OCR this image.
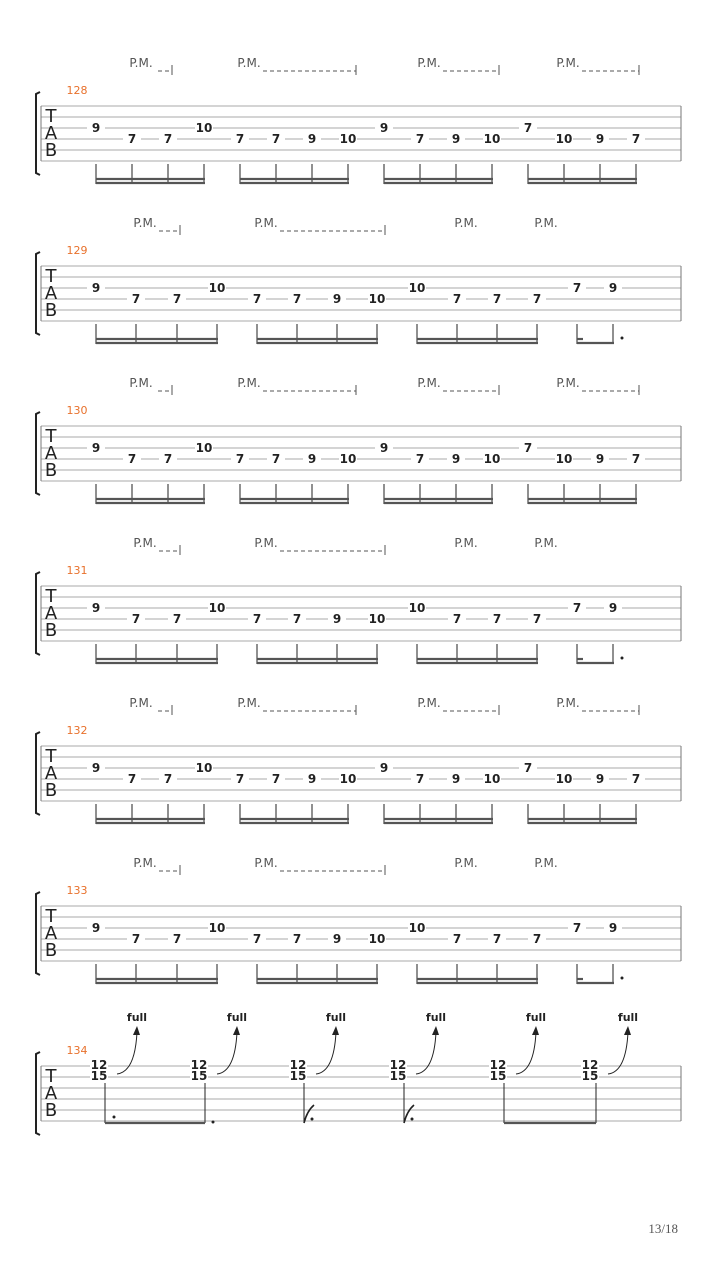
T
A
B
128
P.M.	P.M.	P.M.	P.M.
9
7 7
10
7 7 9 10
9
7 9 10
7
10 9 7
T
A
B
129
P.M.	P.M.	P.M.	P.M.
9
7	7
10
7	7	9 10
10
7	7	7
7 9
T
A
B
130
P.M.	P.M.	P.M.	P.M.
9
7 7
10
7 7 9 10
9
7 9 10
7
10 9 7
T
A
B
131
P.M.	P.M.	P.M.	P.M.
9
7	7
10
7	7	9 10
10
7	7	7
7 9
T
A
B
132
P.M.	P.M.	P.M.	P.M.
9
7 7
10
7 7 9 10
9
7 9 10
7
10 9 7
T
A
B
133
P.M.	P.M.	P.M.	P.M.
9
7	7
10
7	7	9 10
10
7	7	7
7 9
T
A
B
134
12
15
full
12
15
full
12
15
full
12
15
full
12
15
full
12
15
full
13/18
